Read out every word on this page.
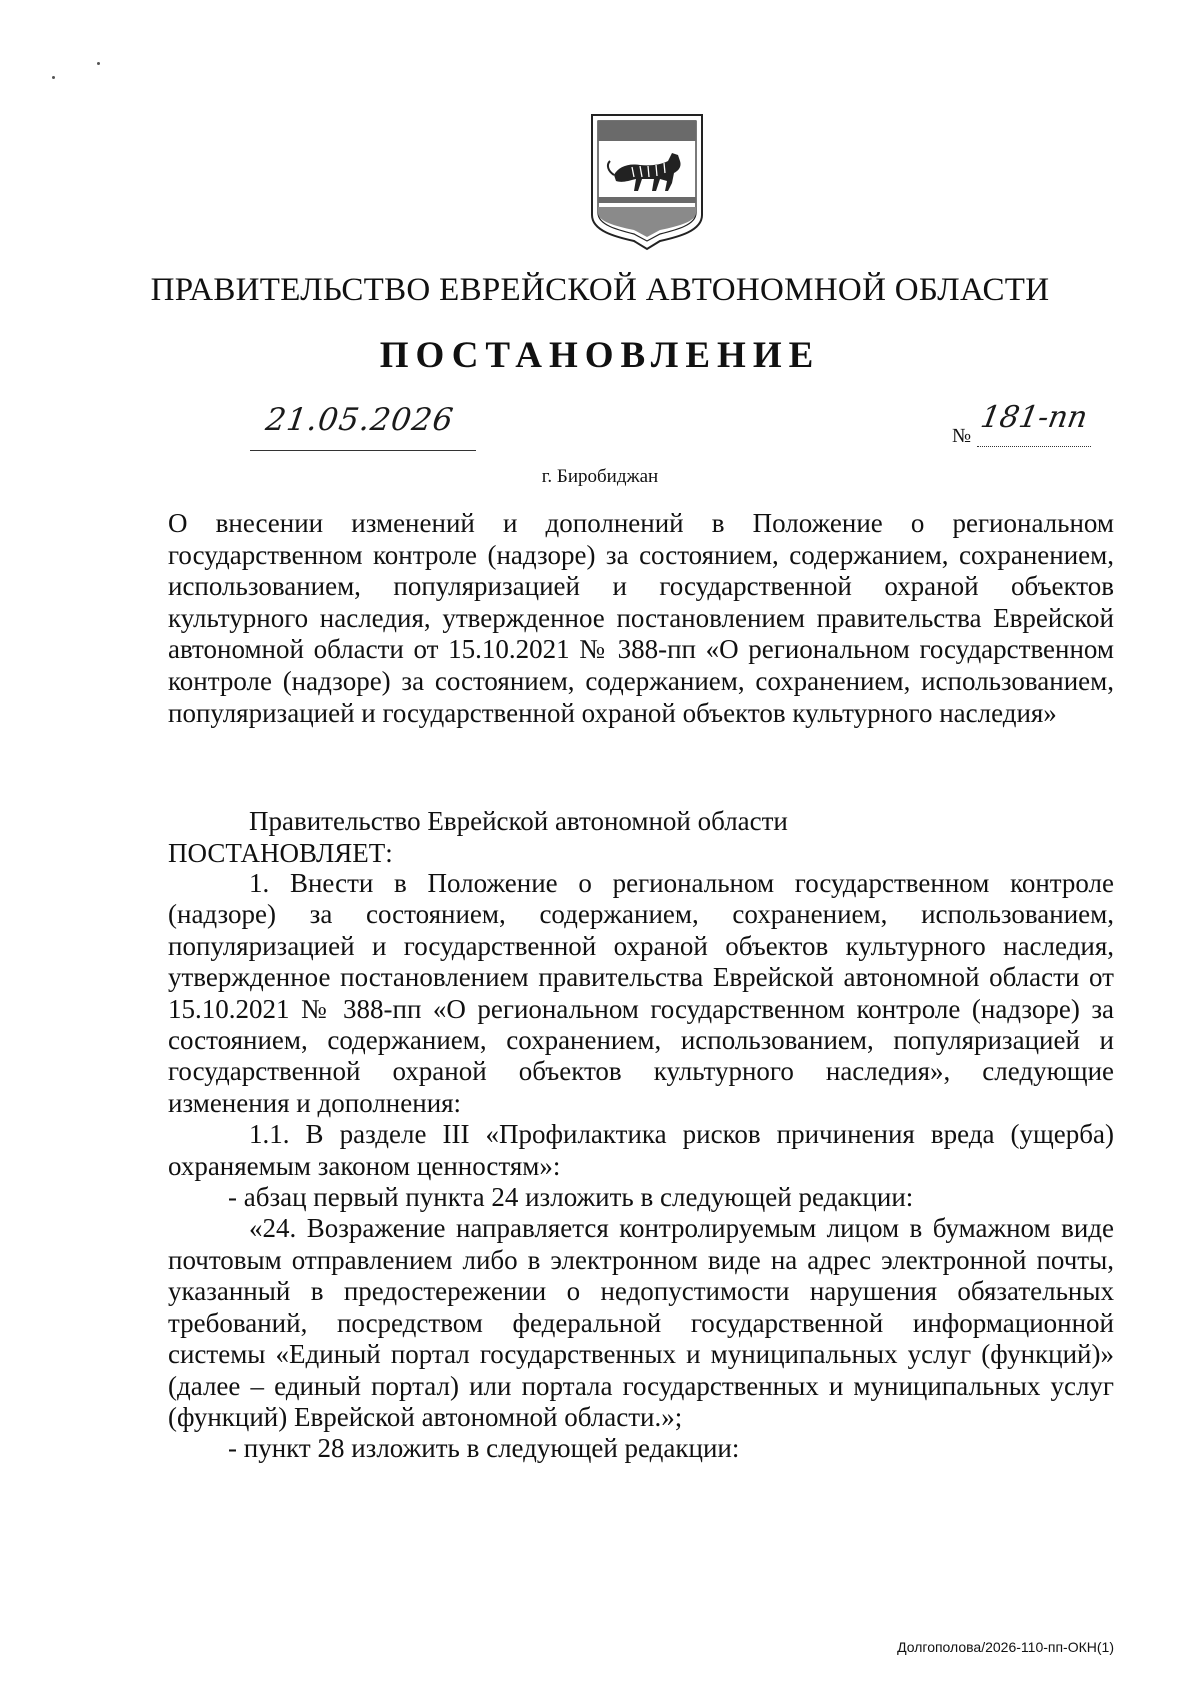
ПРАВИТЕЛЬСТВО ЕВРЕЙСКОЙ АВТОНОМНОЙ ОБЛАСТИ
ПОСТАНОВЛЕНИЕ
21.05.2026	№
181-пп
г. Биробиджан
О внесении изменений и дополнений в Положение о региональном государственном контроле (надзоре) за состоянием, содержанием, сохранением, использованием, популяризацией и государственной охраной объектов культурного наследия, утвержденное постановлением правительства Еврейской автономной области от 15.10.2021 № 388-пп «О региональном государственном контроле (надзоре) за состоянием, содержанием, сохранением, использованием, популяризацией и государственной охраной объектов культурного наследия»
Правительство Еврейской автономной области
ПОСТАНОВЛЯЕТ:

1. Внести в Положение о региональном государственном контроле (надзоре) за состоянием, содержанием, сохранением, использованием, популяризацией и государственной охраной объектов культурного наследия, утвержденное постановлением правительства Еврейской автономной области от 15.10.2021 № 388-пп «О региональном государственном контроле (надзоре) за состоянием, содержанием, сохранением, использованием, популяризацией и государственной охраной объектов культурного наследия», следующие изменения и дополнения:

1.1. В разделе III «Профилактика рисков причинения вреда (ущерба) охраняемым законом ценностям»:

- абзац первый пункта 24 изложить в следующей редакции:

«24. Возражение направляется контролируемым лицом в бумажном виде почтовым отправлением либо в электронном виде на адрес электронной почты, указанный в предостережении о недопустимости нарушения обязательных требований, посредством федеральной государственной информационной системы «Единый портал государственных и муниципальных услуг (функций)» (далее – единый портал) или портала государственных и муниципальных услуг (функций) Еврейской автономной области.»;

- пункт 28 изложить в следующей редакции:

Долгополова/2026-110-пп-ОКН(1)
